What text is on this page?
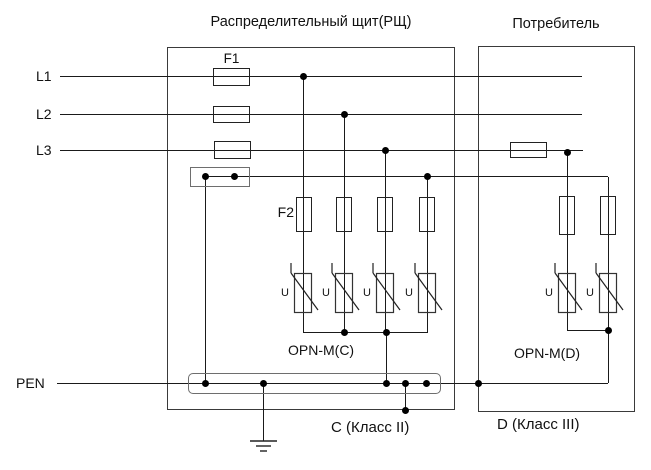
Распределительный щит(РЩ)	Потребитель
F1
F2
U	U	U	U	U	U
L1
L2
L3
PEN
OPN-M(C)	OPN-M(D)
C (Класс II)	D (Класс III)
